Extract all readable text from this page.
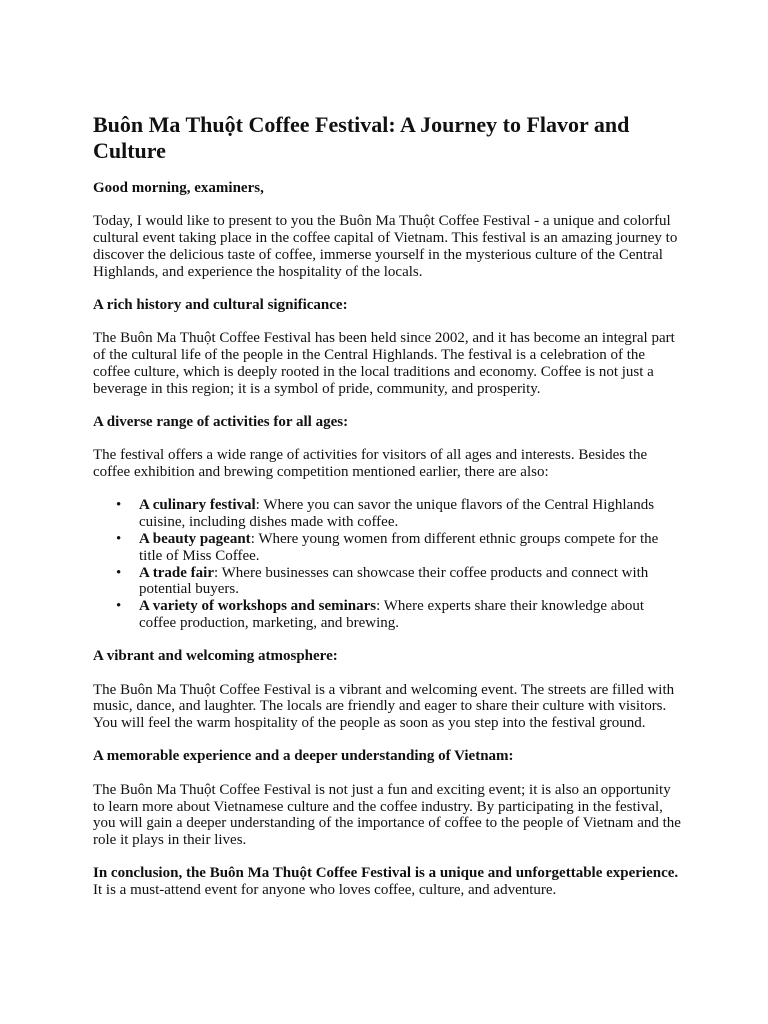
Buôn Ma Thuột Coffee Festival: A Journey to Flavor and Culture

Good morning, examiners,

Today, I would like to present to you the Buôn Ma Thuột Coffee Festival - a unique and colorful cultural event taking place in the coffee capital of Vietnam. This festival is an amazing journey to discover the delicious taste of coffee, immerse yourself in the mysterious culture of the Central Highlands, and experience the hospitality of the locals.

A rich history and cultural significance:

The Buôn Ma Thuột Coffee Festival has been held since 2002, and it has become an integral part of the cultural life of the people in the Central Highlands. The festival is a celebration of the coffee culture, which is deeply rooted in the local traditions and economy. Coffee is not just a beverage in this region; it is a symbol of pride, community, and prosperity.

A diverse range of activities for all ages:

The festival offers a wide range of activities for visitors of all ages and interests. Besides the coffee exhibition and brewing competition mentioned earlier, there are also:

• A culinary festival: Where you can savor the unique flavors of the Central Highlands cuisine, including dishes made with coffee.
• A beauty pageant: Where young women from different ethnic groups compete for the title of Miss Coffee.
• A trade fair: Where businesses can showcase their coffee products and connect with potential buyers.
• A variety of workshops and seminars: Where experts share their knowledge about coffee production, marketing, and brewing.

A vibrant and welcoming atmosphere:

The Buôn Ma Thuột Coffee Festival is a vibrant and welcoming event. The streets are filled with music, dance, and laughter. The locals are friendly and eager to share their culture with visitors. You will feel the warm hospitality of the people as soon as you step into the festival ground.

A memorable experience and a deeper understanding of Vietnam:

The Buôn Ma Thuột Coffee Festival is not just a fun and exciting event; it is also an opportunity to learn more about Vietnamese culture and the coffee industry. By participating in the festival, you will gain a deeper understanding of the importance of coffee to the people of Vietnam and the role it plays in their lives.

In conclusion, the Buôn Ma Thuột Coffee Festival is a unique and unforgettable experience. It is a must-attend event for anyone who loves coffee, culture, and adventure.
